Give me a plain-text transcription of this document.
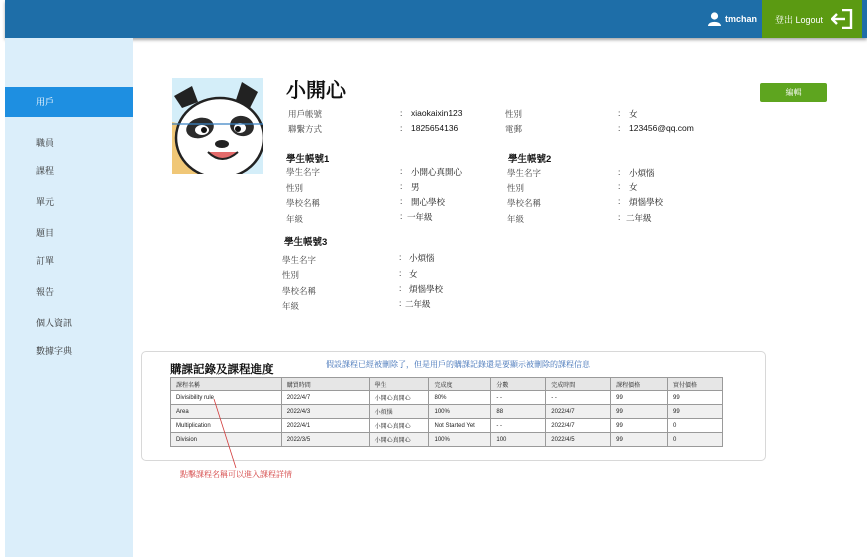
tmchan 登出 Logout
用戶
職員
課程
單元
題目
訂單
報告
個人資訊
數據字典
小開心	編輯
用戶帳號	: xiaokaixin123	性別	: 女
聯繫方式	: 1825654136	電郵	: 123456@qq.com
學生帳號1
學生名字	: 小開心真開心
性別	: 男
學校名稱	: 開心學校
年級	: 一年級
學生帳號2
學生名字	: 小煩惱
性別	: 女
學校名稱	: 煩惱學校
年級	: 二年級
學生帳號3
學生名字	: 小煩惱
性別	: 女
學校名稱	: 煩惱學校
年級	: 二年級
購課記錄及課程進度	假設課程已經被刪除了，但是用戶的購課記錄還是要顯示被刪除的課程信息
課程名稱	購買時間	學生	完成度	分數	完成時間	課程價格	實付價格
Divisibility rule	2022/4/7	小開心真開心	80%	- -	- -	99	99
Area	2022/4/3	小煩惱	100%	88	2022/4/7	99	99
Multiplication	2022/4/1	小開心真開心	Not Started Yet	- -	2022/4/7	99	0
Division	2022/3/5	小開心真開心	100%	100	2022/4/5	99	0
點擊課程名稱可以進入課程詳情
